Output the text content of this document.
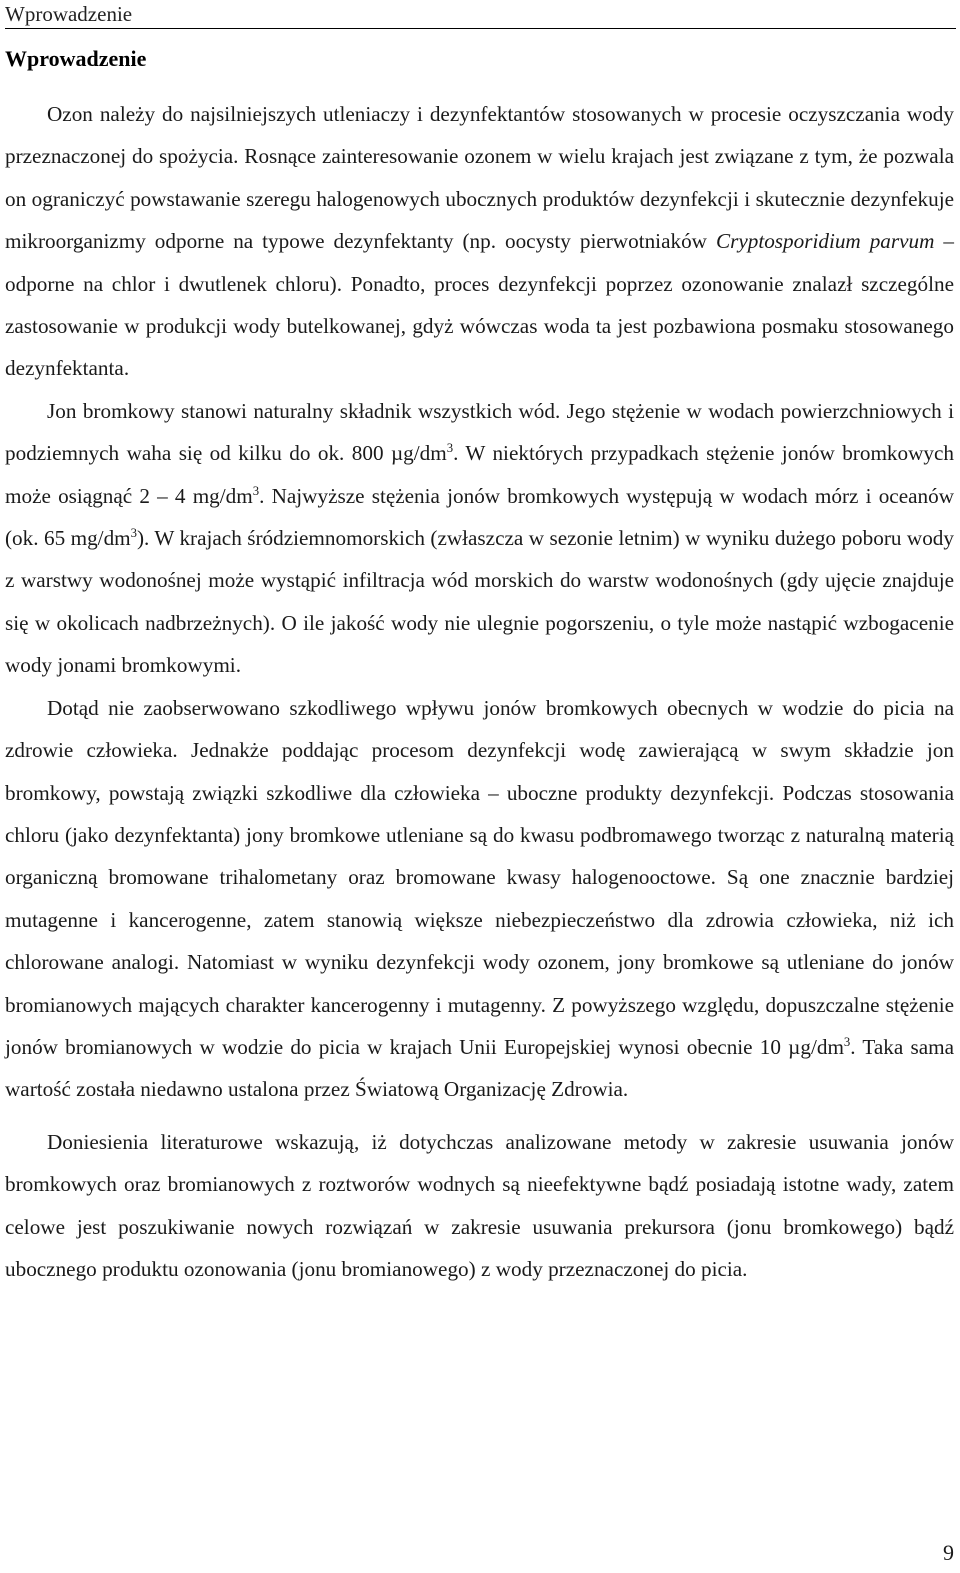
Wprowadzenie
Wprowadzenie

Ozon należy do najsilniejszych utleniaczy i dezynfektantów stosowanych w procesie oczyszczania wody przeznaczonej do spożycia. Rosnące zainteresowanie ozonem w wielu krajach jest związane z tym, że pozwala on ograniczyć powstawanie szeregu halogenowych ubocznych produktów dezynfekcji i skutecznie dezynfekuje mikroorganizmy odporne na typowe dezynfektanty (np. oocysty pierwotniaków Cryptosporidium parvum – odporne na chlor i dwutlenek chloru). Ponadto, proces dezynfekcji poprzez ozonowanie znalazł szczególne zastosowanie w produkcji wody butelkowanej, gdyż wówczas woda ta jest pozbawiona posmaku stosowanego dezynfektanta.

Jon bromkowy stanowi naturalny składnik wszystkich wód. Jego stężenie w wodach powierzchniowych i podziemnych waha się od kilku do ok. 800 $\mu g/dm^3$. W niektórych przypadkach stężenie jonów bromkowych może osiągnąć 2 – 4 $mg/dm^3$. Najwyższe stężenia jonów bromkowych występują w wodach mórz i oceanów (ok. 65 $mg/dm^3$). W krajach śródziemnomorskich (zwłaszcza w sezonie letnim) w wyniku dużego poboru wody z warstwy wodonośnej może wystąpić infiltracja wód morskich do warstw wodonośnych (gdy ujęcie znajduje się w okolicach nadbrzeżnych). O ile jakość wody nie ulegnie pogorszeniu, o tyle może nastąpić wzbogacenie wody jonami bromkowymi.

Dotąd nie zaobserwowano szkodliwego wpływu jonów bromkowych obecnych w wodzie do picia na zdrowie człowieka. Jednakże poddając procesom dezynfekcji wodę zawierającą w swym składzie jon bromkowy, powstają związki szkodliwe dla człowieka – uboczne produkty dezynfekcji. Podczas stosowania chloru (jako dezynfektanta) jony bromkowe utleniane są do kwasu podbromawego tworząc z naturalną materią organiczną bromowane trihalometany oraz bromowane kwasy halogenooctowe. Są one znacznie bardziej mutagenne i kancerogenne, zatem stanowią większe niebezpieczeństwo dla zdrowia człowieka, niż ich chlorowane analogi. Natomiast w wyniku dezynfekcji wody ozonem, jony bromkowe są utleniane do jonów bromianowych mających charakter kancerogenny i mutagenny. Z powyższego względu, dopuszczalne stężenie jonów bromianowych w wodzie do picia w krajach Unii Europejskiej wynosi obecnie 10 $\mu g/dm^3$. Taka sama wartość została niedawno ustalona przez Światową Organizację Zdrowia.

Doniesienia literaturowe wskazują, iż dotychczas analizowane metody w zakresie usuwania jonów bromkowych oraz bromianowych z roztworów wodnych są nieefektywne bądź posiadają istotne wady, zatem celowe jest poszukiwanie nowych rozwiązań w zakresie usuwania prekursora (jonu bromkowego) bądź ubocznego produktu ozonowania (jonu bromianowego) z wody przeznaczonej do picia.

9
